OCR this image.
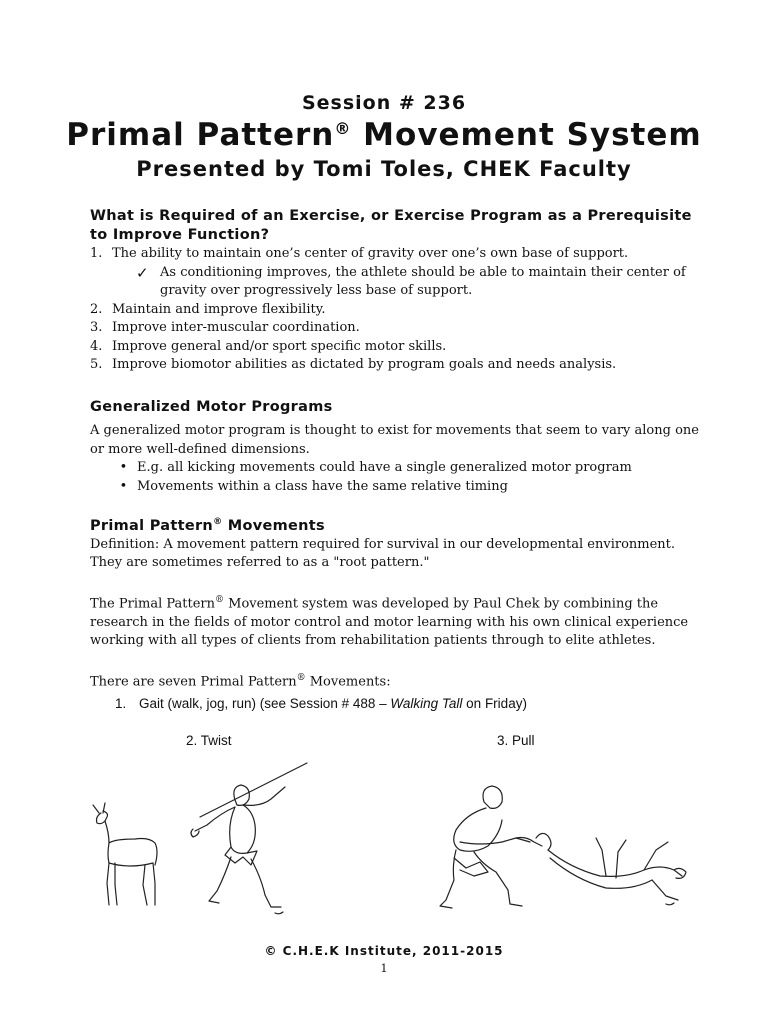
Session # 236
Primal Pattern® Movement System
Presented by Tomi Toles, CHEK Faculty
What is Required of an Exercise, or Exercise Program as a Prerequisite to Improve Function?
1. The ability to maintain one’s center of gravity over one’s own base of support.
✓ As conditioning improves, the athlete should be able to maintain their center of gravity over progressively less base of support.
2. Maintain and improve flexibility.
3. Improve inter-muscular coordination.
4. Improve general and/or sport specific motor skills.
5. Improve biomotor abilities as dictated by program goals and needs analysis.
Generalized Motor Programs
A generalized motor program is thought to exist for movements that seem to vary along one or more well-defined dimensions.
• E.g. all kicking movements could have a single generalized motor program
• Movements within a class have the same relative timing
Primal Pattern® Movements
Definition: A movement pattern required for survival in our developmental environment.
They are sometimes referred to as a "root pattern."
The Primal Pattern® Movement system was developed by Paul Chek by combining the research in the fields of motor control and motor learning with his own clinical experience working with all types of clients from rehabilitation patients through to elite athletes.
There are seven Primal Pattern® Movements:
1. Gait (walk, jog, run) (see Session # 488 – Walking Tall on Friday)
2. Twist	3. Pull
© C.H.E.K Institute, 2011-2015
1
